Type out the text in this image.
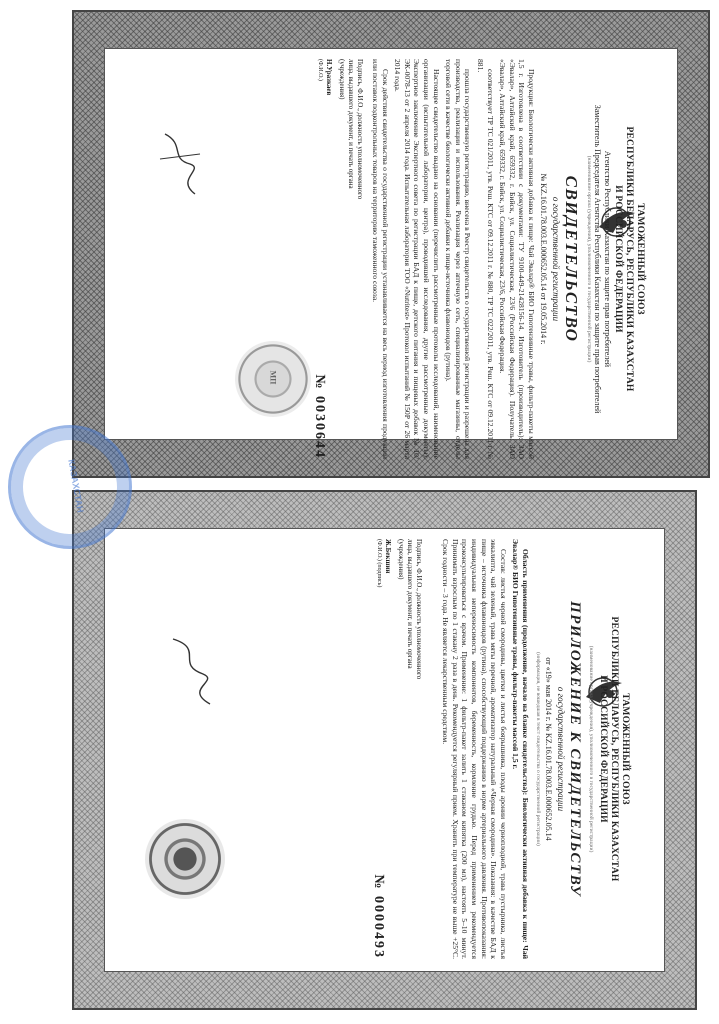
ТАМОЖЕННЫЙ СОЮЗ
РЕСПУБЛИКИ БЕЛАРУСЬ, РЕСПУБЛИКИ КАЗАХСТАН
И РОССИЙСКОЙ ФЕДЕРАЦИИ
Агентство Республики Казахстан по защите прав потребителей
Заместитель Председателя Агентства Республики Казахстан по защите прав потребителей
(наименование органа (учреждения), уполномоченного в государственной регистрации)
СВИДЕТЕЛЬСТВО
о государственной регистрации
№ KZ.16.01.78.003.E.000652.05.14 от 19.05.2014 г.

Продукция: Биологически активная добавка к пище: Чай Эвалар® БИО Гипотензивные травы, фильтр-пакеты массой 1,5 г. Изготовлена в соответствии с документами: ТУ 9100-449-21428156-14. Изготовитель (производитель): ЗАО «Эвалар», Алтайский край, 659332, г. Бийск, ул. Социалистическая, 23/6 (Российская Федерация). Получатель: ЗАО «Эвалар», Алтайский край, 659332, г. Бийск, ул. Социалистическая, 23/6, Российская Федерация.

соответствует ТР ТС 021/2011, утв. Реш. КТС от 09.12.2011 г. № 880, ТР ТС 022/2011, утв. Реш. КТС от 09.12.2011 г. № 881.

прошла государственную регистрацию, внесена в Реестр свидетельств о государственной регистрации и разрешена для производства, реализации и использования. Реализация через аптечную сеть, специализированные магазины, отделы торговой сети в качестве биологически активной добавки к пище-источника флавоноидов (рутина).

Настоящее свидетельство выдано на основании (перечислить рассмотренные протоколы исследований, наименование организации (испытательной лаборатории, центра), проводившей исследования, другие рассмотренные документы): Экспертное заключение Экспертного совета по регистрации БАД к пище, детского питания и пищевых добавок № 10/ЭК-0078-13 от 2 апреля 2014 года. Испытательная лаборатория ТОО «Nutritest» Протокол испытаний № 150Р от 26 марта 2014 года.

Срок действия свидетельства о государственной регистрации устанавливается на весь период изготовления продукции или поставок подконтрольных товаров на территорию таможенного союза.

Подпись, Ф.И.О., должность уполномоченного лица, выдавшего документ, и печать органа (учреждения)
Н.Уразкаев
(Ф.И.О.)
№ 0030644
МП
ТАМОЖЕННЫЙ СОЮЗ
РЕСПУБЛИКИ БЕЛАРУСЬ, РЕСПУБЛИКИ КАЗАХСТАН
И РОССИЙСКОЙ ФЕДЕРАЦИИ
(наименование органа (учреждения), уполномоченного в государственной регистрации)
ПРИЛОЖЕНИЕ К СВИДЕТЕЛЬСТВУ
о государственной регистрации
от «19» мая 2014 г. № KZ.16.01.78.003.E.000652.05.14
(информация, не вошедшая в текст свидетельства о государственной регистрации)

Область применения (продолжение, начало на бланке свидетельства): Биологически активная добавка к пище: Чай Эвалар® БИО Гипотензивные травы, фильтр-пакеты массой 1,5 г.

Состав: листья черной смородины, цветки и листья боярышника, плоды аронии черноплодной, трава пустырника, листья эвкалипта, чай зеленый, трава мяты перечной, ароматизатор натуральный «Черная смородина». Показания: в качестве БАД к пище – источника флавоноидов (рутина), способствующий поддержанию в норме артериального давления. Противопоказания: индивидуальная непереносимость компонентов, беременность, кормление грудью. Перед применением рекомендуется проконсультироваться с врачом. Применение: 1 фильтр-пакет залить 1 стаканом кипятка (200 мл), настоять 5–10 минут. Принимать взрослым по 1 стакану 2 раза в день. Рекомендуется регулярный прием. Хранить при температуре не выше +25°С. Срок годности – 3 года. Не является лекарственным средством.

Подпись, Ф.И.О., должность уполномоченного лица, выдавшего документ, и печать органа (учреждения)
Ж.Бекшин
(Ф.И.О.) (подпись)
№ 0000493
КАЗАХСТАН
